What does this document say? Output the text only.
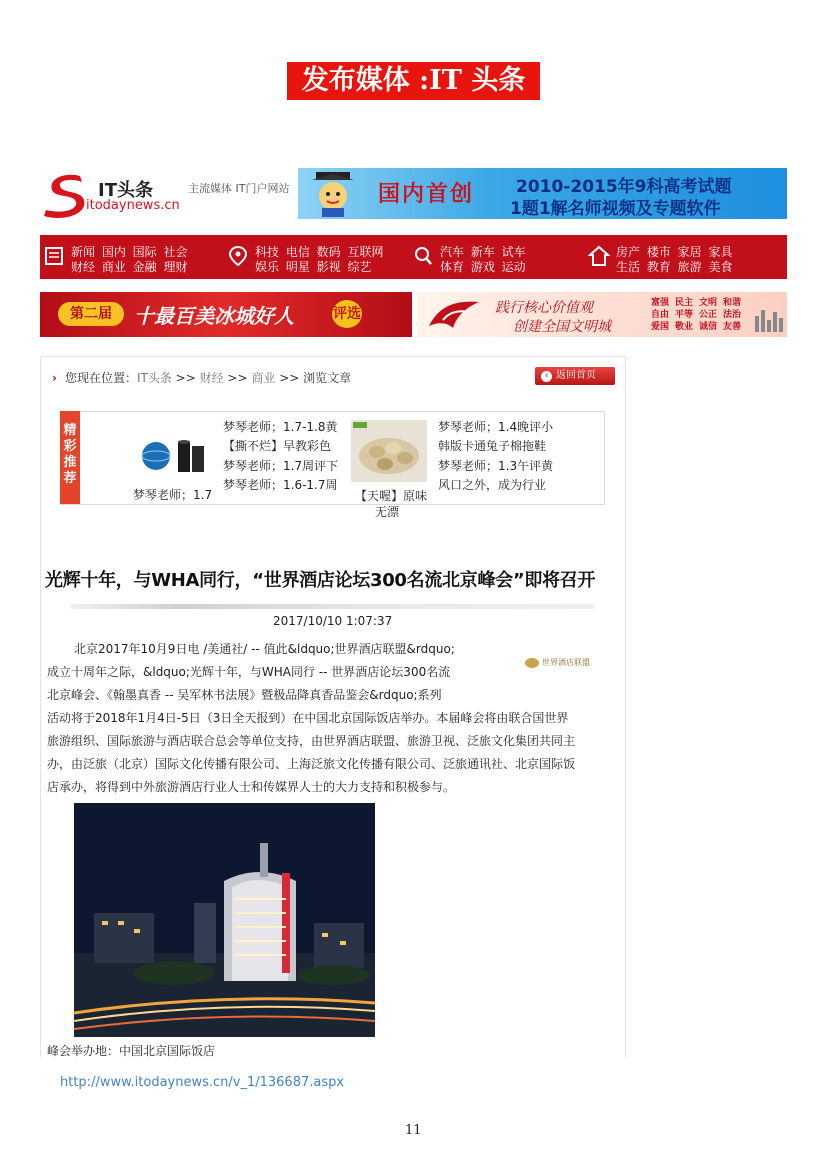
发布媒体 :IT 头条
IT头条
itodaynews.cn
主流媒体 IT门户网站	国内首创 2010-2015年9科高考试题
1题1解名师视频及专题软件
新闻 国内 国际 社会
财经 商业 金融 理财
科技 电信 数码 互联网
娱乐 明星 影视 综艺
汽车 新车 试车
体育 游戏 运动
房产 楼市 家居 家具
生活 教育 旅游 美食
第二届	十最百美冰城好人	评选	践行核心价值观
创建全国文明城
富强 民主 文明 和谐
自由 平等 公正 法治
爱国 敬业 诚信 友善
› 您现在位置：IT头条 >> 财经 >> 商业 >> 浏览文章	‹ 返回首页
精
彩
推
荐
梦琴老师；1.7
梦琴老师；1.7-1.8黄
【撕不烂】早教彩色
梦琴老师；1.7周评下
梦琴老师；1.6-1.7周
【天喔】原味
无漂
梦琴老师；1.4晚评小
韩版卡通兔子棉拖鞋
梦琴老师；1.3午评黄
风口之外，成为行业
光辉十年，与WHA同行，“世界酒店论坛300名流北京峰会”即将召开
2017/10/10 1:07:37
世界酒店联盟
北京2017年10月9日电 /美通社/ -- 值此&ldquo;世界酒店联盟&rdquo;
成立十周年之际，&ldquo;光辉十年，与WHA同行 -- 世界酒店论坛300名流
北京峰会、《翰墨真香 -- 吴军林书法展》暨极品降真香品鉴会&rdquo;系列
活动将于2018年1月4日-5日（3日全天报到）在中国北京国际饭店举办。本届峰会将由联合国世界
旅游组织、国际旅游与酒店联合总会等单位支持，由世界酒店联盟、旅游卫视、泛旅文化集团共同主
办，由泛旅（北京）国际文化传播有限公司、上海泛旅文化传播有限公司、泛旅通讯社、北京国际饭
店承办，将得到中外旅游酒店行业人士和传媒界人士的大力支持和积极参与。
峰会举办地：中国北京国际饭店
http://www.itodaynews.cn/v_1/136687.aspx
11
